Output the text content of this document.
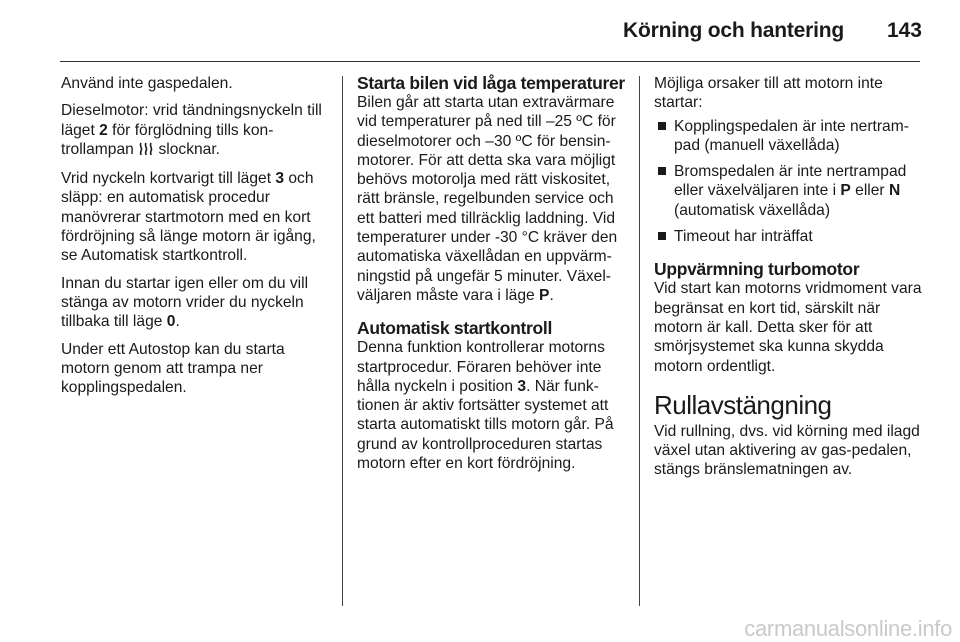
Körning och hantering 143

Använd inte gaspedalen.

Dieselmotor: vrid tändningsnyckeln till läget 2 för förglödning tills kon-trollampan  slocknar.

Vrid nyckeln kortvarigt till läget 3 och släpp: en automatisk procedur manövrerar startmotorn med en kort fördröjning så länge motorn är igång, se Automatisk startkontroll.

Innan du startar igen eller om du vill stänga av motorn vrider du nyckeln tillbaka till läge 0.

Under ett Autostop kan du starta motorn genom att trampa ner kopplingspedalen.

Starta bilen vid låga temperaturer

Bilen går att starta utan extravärmare vid temperaturer på ned till –25 ºC för dieselmotorer och –30 ºC för bensin-motorer. För att detta ska vara möjligt behövs motorolja med rätt viskositet, rätt bränsle, regelbunden service och ett batteri med tillräcklig laddning. Vid temperaturer under -30 °C kräver den automatiska växellådan en uppvärm-ningstid på ungefär 5 minuter. Växel-väljaren måste vara i läge P.

Automatisk startkontroll

Denna funktion kontrollerar motorns startprocedur. Föraren behöver inte hålla nyckeln i position 3. När funk-tionen är aktiv fortsätter systemet att starta automatiskt tills motorn går. På grund av kontrollproceduren startas motorn efter en kort fördröjning.

Möjliga orsaker till att motorn inte startar:

Kopplingspedalen är inte nertram-pad (manuell växellåda)
Bromspedalen är inte nertrampad eller växelväljaren inte i P eller N (automatisk växellåda)
Timeout har inträffat
Uppvärmning turbomotor

Vid start kan motorns vridmoment vara begränsat en kort tid, särskilt när motorn är kall. Detta sker för att smörjsystemet ska kunna skydda motorn ordentligt.

Rullavstängning

Vid rullning, dvs. vid körning med ilagd växel utan aktivering av gas-pedalen, stängs bränslematningen av.

carmanualsonline.info
